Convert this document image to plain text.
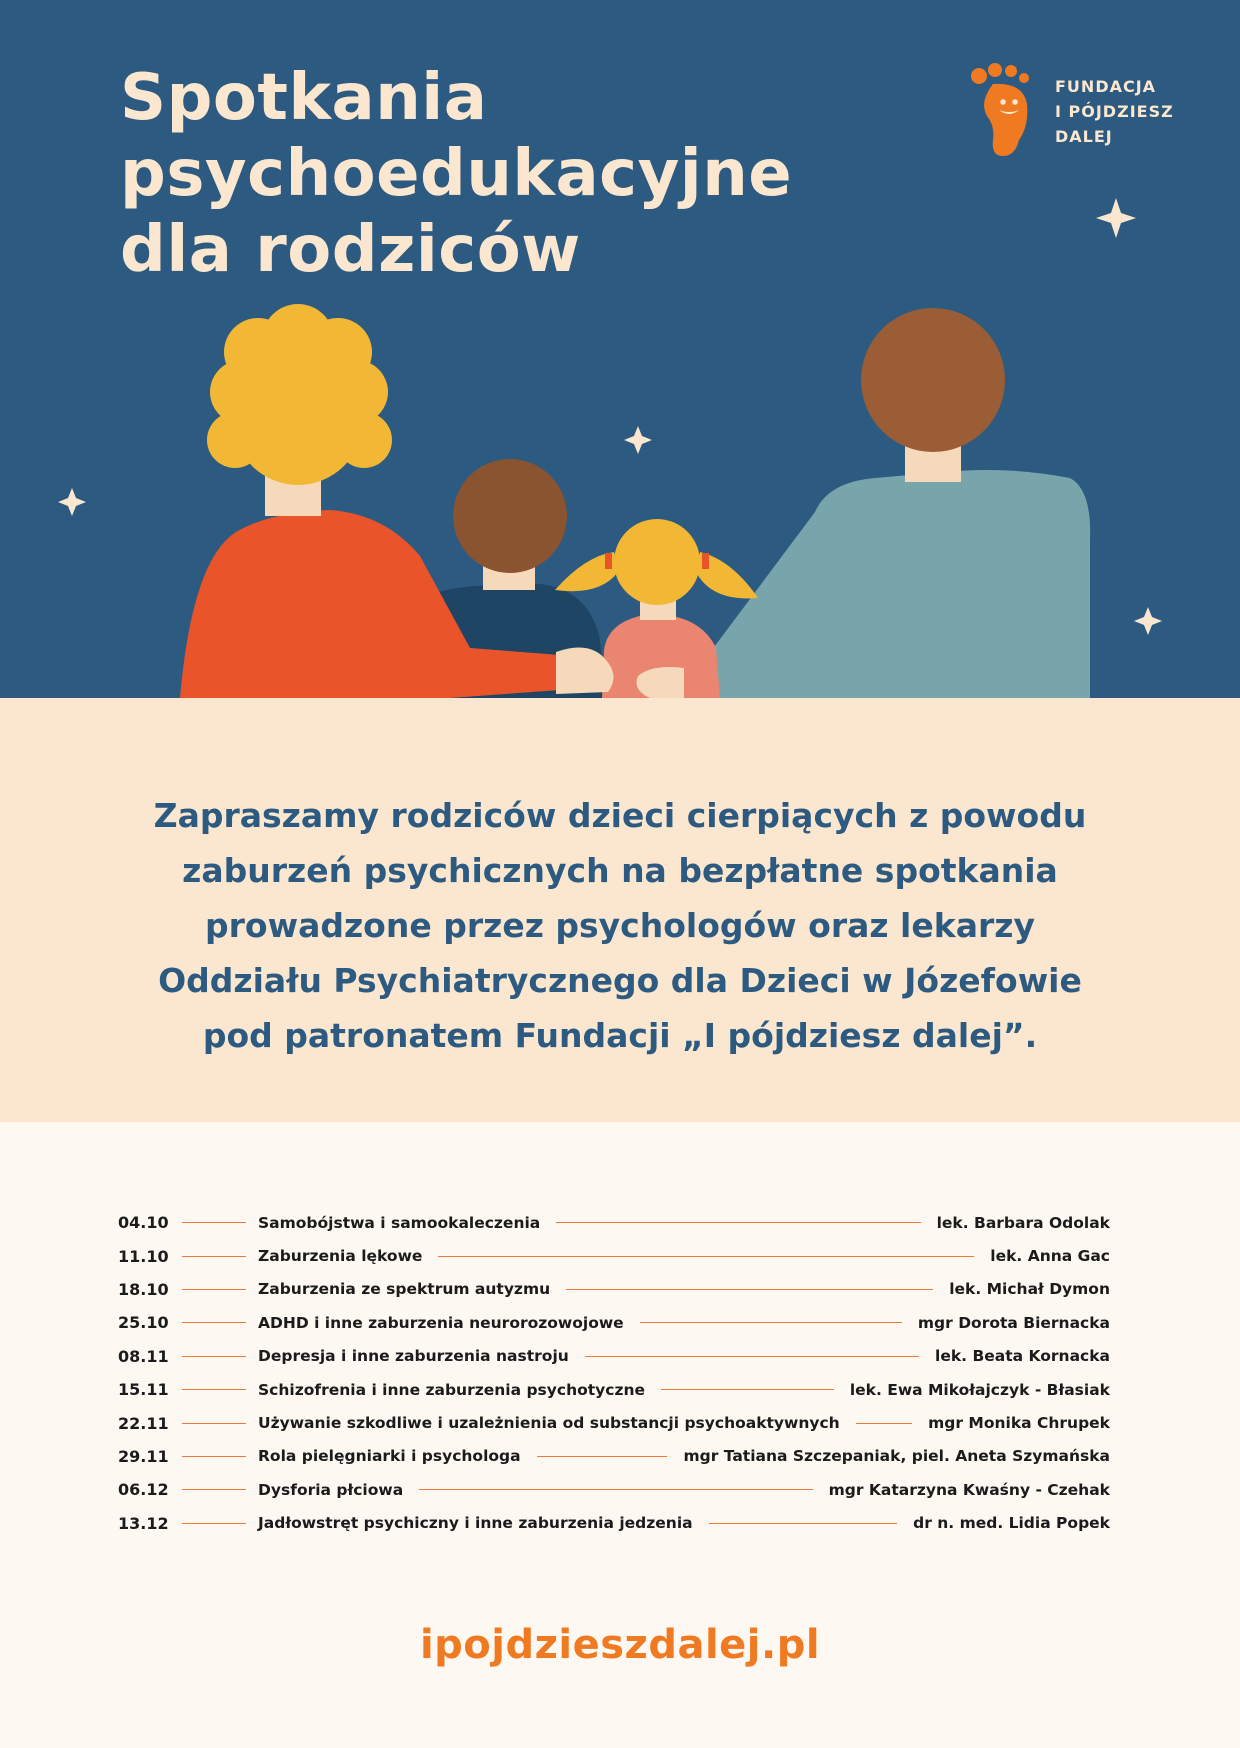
Spotkania
psychoedukacyjne
dla rodziców

FUNDACJA
I PÓJDZIESZ
DALEJ

Zapraszamy rodziców dzieci cierpiących z powodu
zaburzeń psychicznych na bezpłatne spotkania
prowadzone przez psychologów oraz lekarzy
Oddziału Psychiatrycznego dla Dzieci w Józefowie
pod patronatem Fundacji „I pójdziesz dalej”.

04.10	Samobójstwa i samookaleczenia	lek. Barbara Odolak
11.10	Zaburzenia lękowe	lek. Anna Gac
18.10	Zaburzenia ze spektrum autyzmu	lek. Michał Dymon
25.10	ADHD i inne zaburzenia neurorozowojowe	mgr Dorota Biernacka
08.11	Depresja i inne zaburzenia nastroju	lek. Beata Kornacka
15.11	Schizofrenia i inne zaburzenia psychotyczne	lek. Ewa Mikołajczyk - Błasiak
22.11	Używanie szkodliwe i uzależnienia od substancji psychoaktywnych	mgr Monika Chrupek
29.11	Rola pielęgniarki i psychologa	mgr Tatiana Szczepaniak, piel. Aneta Szymańska
06.12	Dysforia płciowa	mgr Katarzyna Kwaśny - Czehak
13.12	Jadłowstręt psychiczny i inne zaburzenia jedzenia	dr n. med. Lidia Popek
ipojdzieszdalej.pl
